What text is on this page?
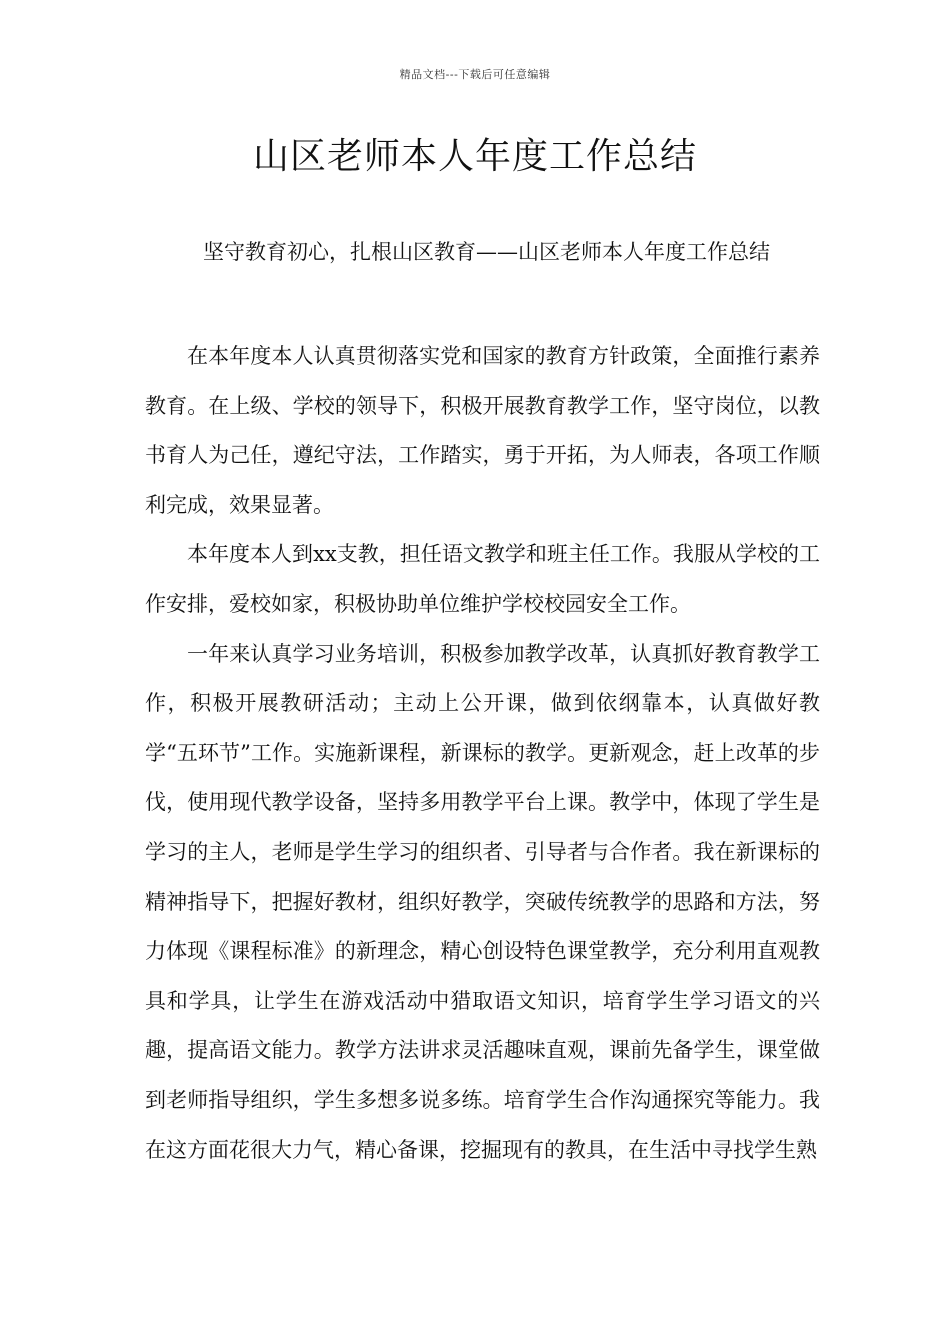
精品文档---下载后可任意编辑
山区老师本人年度工作总结
坚守教育初心，扎根山区教育——山区老师本人年度工作总结

在本年度本人认真贯彻落实党和国家的教育方针政策，全面推行素养教育。在上级、学校的领导下，积极开展教育教学工作，坚守岗位，以教书育人为己任，遵纪守法，工作踏实，勇于开拓，为人师表，各项工作顺利完成，效果显著。

本年度本人到xx支教，担任语文教学和班主任工作。我服从学校的工作安排，爱校如家，积极协助单位维护学校校园安全工作。

一年来认真学习业务培训，积极参加教学改革，认真抓好教育教学工作，积极开展教研活动；主动上公开课，做到依纲靠本，认真做好教学“五环节”工作。实施新课程，新课标的教学。更新观念，赶上改革的步伐，使用现代教学设备，坚持多用教学平台上课。教学中，体现了学生是学习的主人，老师是学生学习的组织者、引导者与合作者。我在新课标的精神指导下，把握好教材，组织好教学，突破传统教学的思路和方法，努力体现《课程标准》的新理念，精心创设特色课堂教学，充分利用直观教具和学具，让学生在游戏活动中猎取语文知识，培育学生学习语文的兴趣，提高语文能力。教学方法讲求灵活趣味直观，课前先备学生，课堂做到老师指导组织，学生多想多说多练。培育学生合作沟通探究等能力。我在这方面花很大力气，精心备课，挖掘现有的教具，在生活中寻找学生熟
